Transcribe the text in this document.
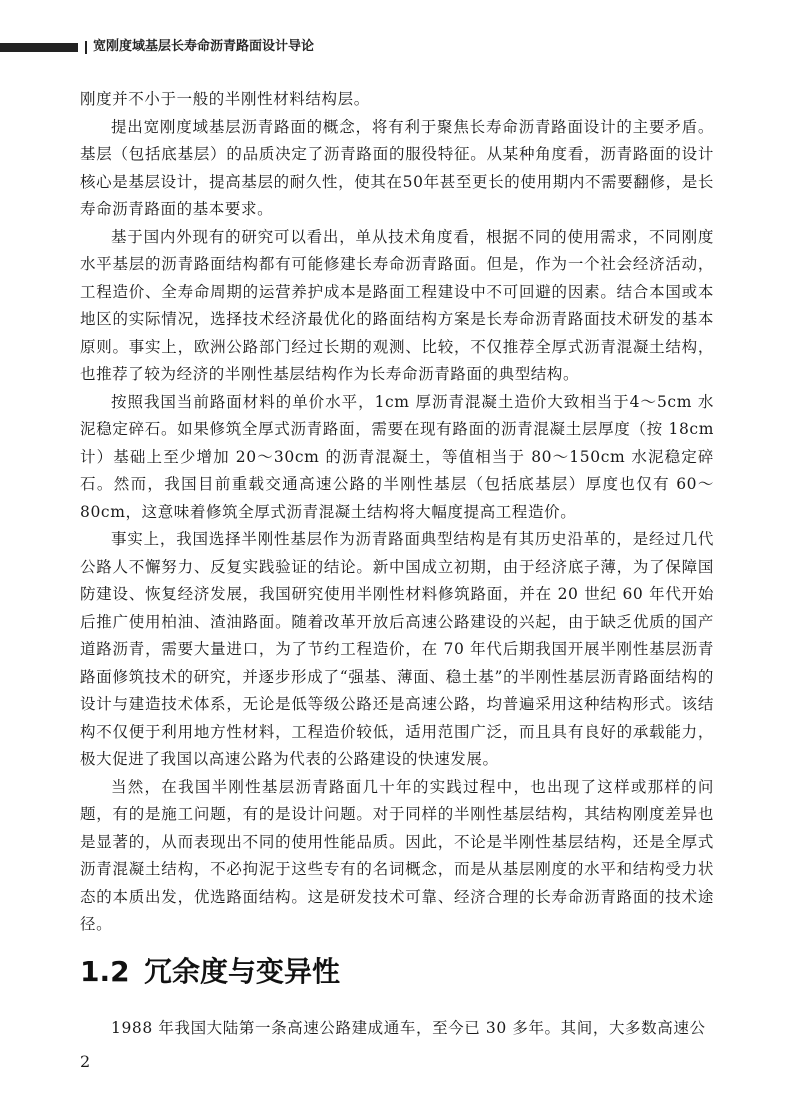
宽刚度域基层长寿命沥青路面设计导论

刚度并不小于一般的半刚性材料结构层。

提出宽刚度域基层沥青路面的概念，将有利于聚焦长寿命沥青路面设计的主要矛盾。基层（包括底基层）的品质决定了沥青路面的服役特征。从某种角度看，沥青路面的设计核心是基层设计，提高基层的耐久性，使其在50年甚至更长的使用期内不需要翻修，是长寿命沥青路面的基本要求。

基于国内外现有的研究可以看出，单从技术角度看，根据不同的使用需求，不同刚度水平基层的沥青路面结构都有可能修建长寿命沥青路面。但是，作为一个社会经济活动，工程造价、全寿命周期的运营养护成本是路面工程建设中不可回避的因素。结合本国或本地区的实际情况，选择技术经济最优化的路面结构方案是长寿命沥青路面技术研发的基本原则。事实上，欧洲公路部门经过长期的观测、比较，不仅推荐全厚式沥青混凝土结构，也推荐了较为经济的半刚性基层结构作为长寿命沥青路面的典型结构。

按照我国当前路面材料的单价水平，1cm 厚沥青混凝土造价大致相当于4～5cm 水泥稳定碎石。如果修筑全厚式沥青路面，需要在现有路面的沥青混凝土层厚度（按 18cm 计）基础上至少增加 20～30cm 的沥青混凝土，等值相当于 80～150cm 水泥稳定碎石。然而，我国目前重载交通高速公路的半刚性基层（包括底基层）厚度也仅有 60～80cm，这意味着修筑全厚式沥青混凝土结构将大幅度提高工程造价。

事实上，我国选择半刚性基层作为沥青路面典型结构是有其历史沿革的，是经过几代公路人不懈努力、反复实践验证的结论。新中国成立初期，由于经济底子薄，为了保障国防建设、恢复经济发展，我国研究使用半刚性材料修筑路面，并在 20 世纪 60 年代开始后推广使用柏油、渣油路面。随着改革开放后高速公路建设的兴起，由于缺乏优质的国产道路沥青，需要大量进口，为了节约工程造价，在 70 年代后期我国开展半刚性基层沥青路面修筑技术的研究，并逐步形成了“强基、薄面、稳土基”的半刚性基层沥青路面结构的设计与建造技术体系，无论是低等级公路还是高速公路，均普遍采用这种结构形式。该结构不仅便于利用地方性材料，工程造价较低，适用范围广泛，而且具有良好的承载能力，极大促进了我国以高速公路为代表的公路建设的快速发展。

当然，在我国半刚性基层沥青路面几十年的实践过程中，也出现了这样或那样的问题，有的是施工问题，有的是设计问题。对于同样的半刚性基层结构，其结构刚度差异也是显著的，从而表现出不同的使用性能品质。因此，不论是半刚性基层结构，还是全厚式沥青混凝土结构，不必拘泥于这些专有的名词概念，而是从基层刚度的水平和结构受力状态的本质出发，优选路面结构。这是研发技术可靠、经济合理的长寿命沥青路面的技术途径。

1.2 冗余度与变异性

1988 年我国大陆第一条高速公路建成通车，至今已 30 多年。其间，大多数高速公

2
